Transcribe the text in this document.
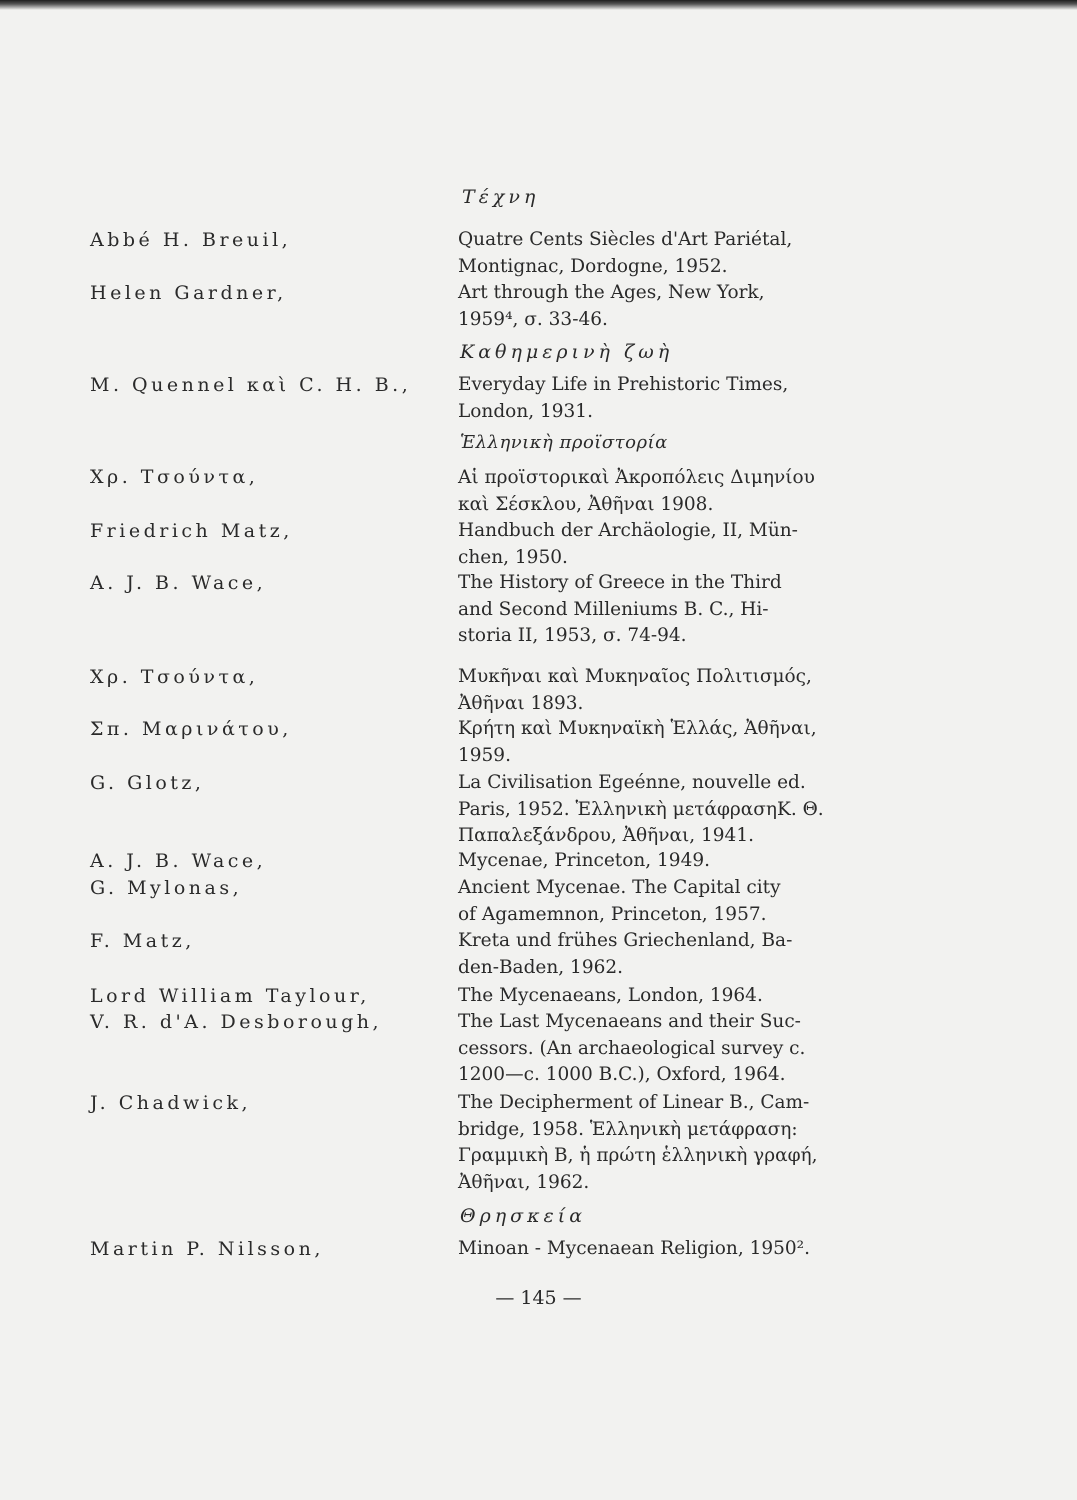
Τέχνη
Abbé H. Breuil,	Quatre Cents Siècles d'Art Pariétal,
Montignac, Dordogne, 1952.
Helen Gardner,	Art through the Ages, New York,
1959⁴, σ. 33-46.
Καθημερινὴ ζωὴ
M. Quennel καὶ C. H. B.,	Everyday Life in Prehistoric Times,
London, 1931.
Ἑλληνικὴ προϊστορία
Χρ. Τσούντα,	Αἱ προϊστορικαὶ Ἀκροπόλεις Διμηνίου
καὶ Σέσκλου, Ἀθῆναι 1908.
Friedrich Matz,	Handbuch der Archäologie, II, Mün-
chen, 1950.
A. J. B. Wace,	The History of Greece in the Third
and Second Milleniums B. C., Hi-
storia II, 1953, σ. 74-94.
Χρ. Τσούντα,	Μυκῆναι καὶ Μυκηναῖος Πολιτισμός,
Ἀθῆναι 1893.
Σπ. Μαρινάτου,	Κρήτη καὶ Μυκηναϊκὴ Ἑλλάς, Ἀθῆναι,
1959.
G. Glotz,	La Civilisation Egeénne, nouvelle ed.
Paris, 1952. Ἑλληνικὴ μετάφρασηΚ. Θ.
Παπαλεξάνδρου, Ἀθῆναι, 1941.
A. J. B. Wace,	Mycenae, Princeton, 1949.
G. Mylonas,	Ancient Mycenae. The Capital city
of Agamemnon, Princeton, 1957.
F. Matz,	Kreta und frühes Griechenland, Ba-
den-Baden, 1962.
Lord William Taylour,	The Mycenaeans, London, 1964.
V. R. d'A. Desborough,	The Last Mycenaeans and their Suc-
cessors. (An archaeological survey c.
1200—c. 1000 B.C.), Oxford, 1964.
J. Chadwick,	The Decipherment of Linear B., Cam-
bridge, 1958. Ἑλληνικὴ μετάφραση:
Γραμμικὴ Β, ἡ πρώτη ἑλληνικὴ γραφή,
Ἀθῆναι, 1962.
Θρησκεία
Martin P. Nilsson,	Minoan - Mycenaean Religion, 1950².
— 145 —
